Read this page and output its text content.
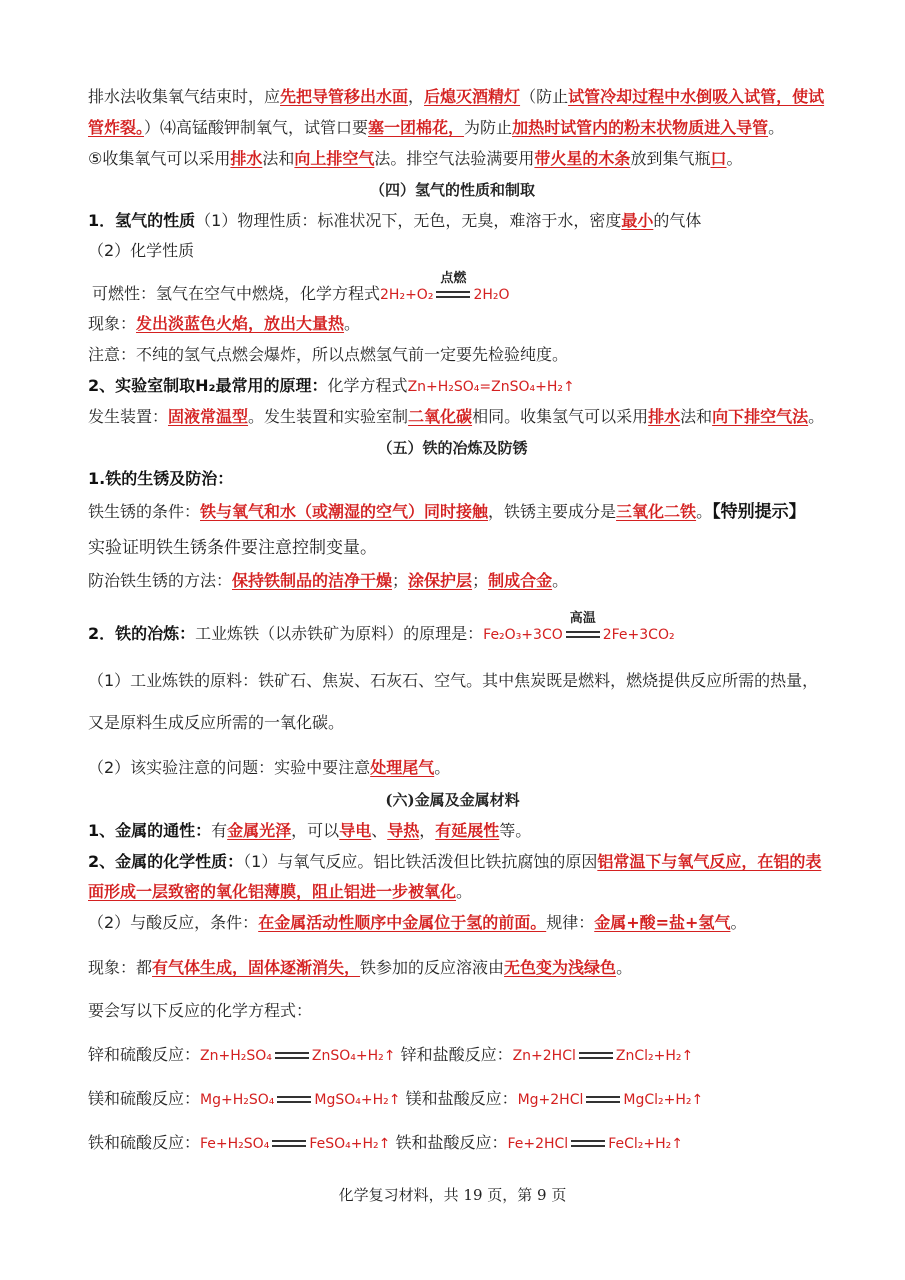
排水法收集氧气结束时，应先把导管移出水面，后熄灭酒精灯（防止试管冷却过程中水倒吸入试管，使试
管炸裂。）⑷高锰酸钾制氧气，试管口要塞一团棉花，为防止加热时试管内的粉末状物质进入导管。
⑤收集氧气可以采用排水法和向上排空气法。排空气法验满要用带火星的木条放到集气瓶口。
（四）氢气的性质和制取
1．氢气的性质（1）物理性质：标准状况下，无色，无臭，难溶于水，密度最小的气体
（2）化学性质
可燃性：氢气在空气中燃烧，化学方程式2H₂+O₂
点燃
2H₂O
现象：发出淡蓝色火焰，放出大量热。
注意：不纯的氢气点燃会爆炸，所以点燃氢气前一定要先检验纯度。
2、实验室制取H₂最常用的原理：化学方程式Zn+H₂SO₄=ZnSO₄+H₂↑
发生装置：固液常温型。发生装置和实验室制二氧化碳相同。收集氢气可以采用排水法和向下排空气法。
（五）铁的冶炼及防锈
1.铁的生锈及防治：
铁生锈的条件：铁与氧气和水（或潮湿的空气）同时接触，铁锈主要成分是三氧化二铁。【特别提示】
实验证明铁生锈条件要注意控制变量。
防治铁生锈的方法：保持铁制品的洁净干燥；涂保护层；制成合金。
2．铁的冶炼：工业炼铁（以赤铁矿为原料）的原理是：Fe₂O₃+3CO
高温
2Fe+3CO₂
（1）工业炼铁的原料：铁矿石、焦炭、石灰石、空气。其中焦炭既是燃料，燃烧提供反应所需的热量，
又是原料生成反应所需的一氧化碳。
（2）该实验注意的问题：实验中要注意处理尾气。
(六)金属及金属材料
1、金属的通性：有金属光泽，可以导电、导热，有延展性等。
2、金属的化学性质：（1）与氧气反应。铝比铁活泼但比铁抗腐蚀的原因铝常温下与氧气反应，在铝的表
面形成一层致密的氧化铝薄膜，阻止铝进一步被氧化。
（2）与酸反应，条件：在金属活动性顺序中金属位于氢的前面。规律：金属+酸=盐+氢气。
现象：都有气体生成，固体逐渐消失，铁参加的反应溶液由无色变为浅绿色。
要会写以下反应的化学方程式：
锌和硫酸反应：Zn+H₂SO₄	ZnSO₄+H₂↑ 锌和盐酸反应：Zn+2HCl	ZnCl₂+H₂↑
镁和硫酸反应：Mg+H₂SO₄	MgSO₄+H₂↑ 镁和盐酸反应：Mg+2HCl	MgCl₂+H₂↑
铁和硫酸反应：Fe+H₂SO₄	FeSO₄+H₂↑ 铁和盐酸反应：Fe+2HCl	FeCl₂+H₂↑
化学复习材料，共 19 页，第 9 页
